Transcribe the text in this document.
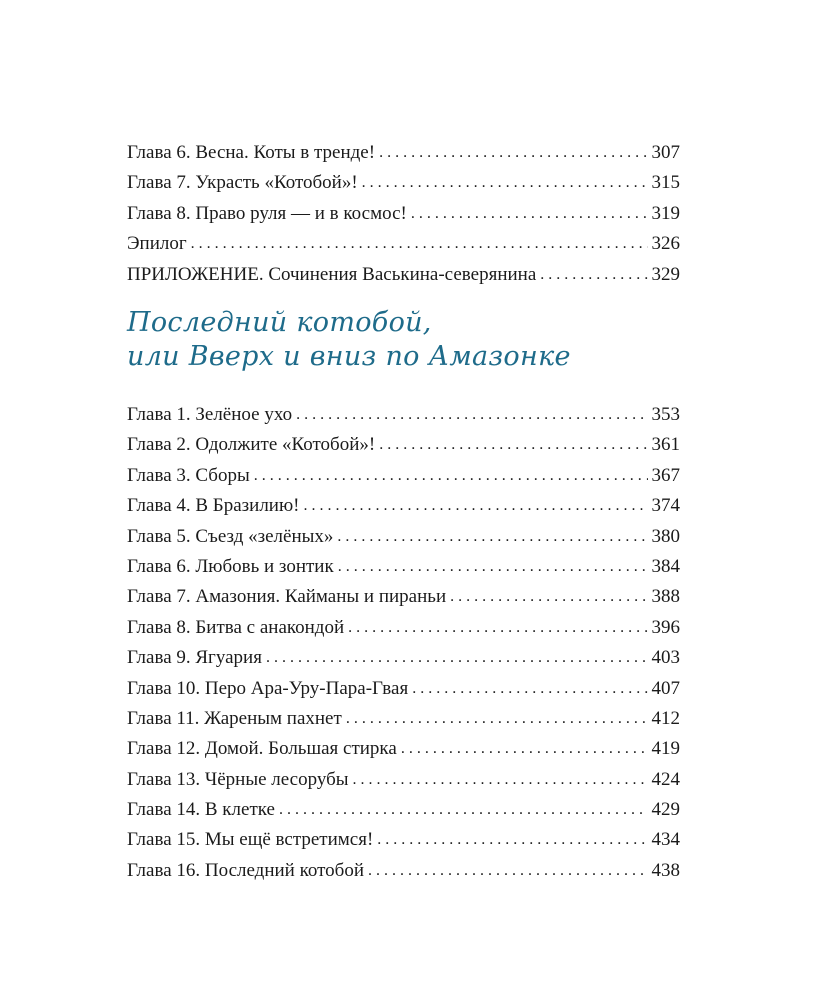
Глава 6. Весна. Коты в тренде! . . .	307
Глава 7. Украсть «Котобой»! . . .	315
Глава 8. Право руля — и в космос! . . .	319
Эпилог . . .	326
ПРИЛОЖЕНИЕ. Сочинения Васькина-северянина . . .	329
Последний котобой,
или Вверх и вниз по Амазонке
Глава 1. Зелёное ухо . . .	353
Глава 2. Одолжите «Котобой»! . . .	361
Глава 3. Сборы . . .	367
Глава 4. В Бразилию! . . .	374
Глава 5. Съезд «зелёных» . . .	380
Глава 6. Любовь и зонтик . . .	384
Глава 7. Амазония. Кайманы и пираньи . . .	388
Глава 8. Битва с анакондой . . .	396
Глава 9. Ягуария . . .	403
Глава 10. Перо Ара-Уру-Пара-Гвая . . .	407
Глава 11. Жареным пахнет . . .	412
Глава 12. Домой. Большая стирка . . .	419
Глава 13. Чёрные лесорубы . . .	424
Глава 14. В клетке . . .	429
Глава 15. Мы ещё встретимся! . . .	434
Глава 16. Последний котобой . . .	438
